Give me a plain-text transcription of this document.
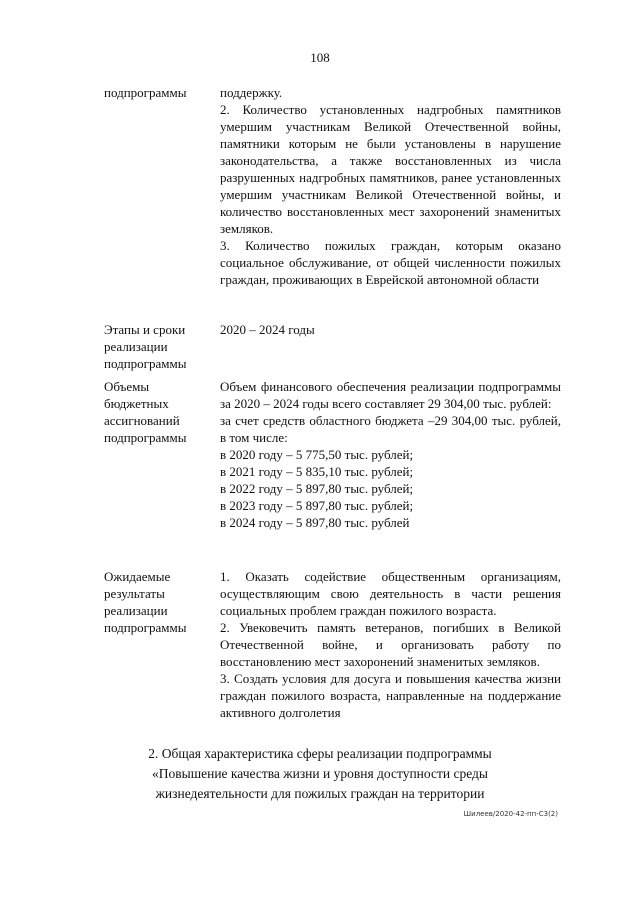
108
подпрограммы	поддержку.

2. Количество установленных надгробных памятников умершим участникам Великой Отечественной войны, памятники которым не были установлены в нарушение законодательства, а также восстановленных из числа разрушенных надгробных памятников, ранее установленных умершим участникам Великой Отечественной войны, и количество восстановленных мест захоронений знаменитых земляков.

3. Количество пожилых граждан, которым оказано социальное обслуживание, от общей численности пожилых граждан, проживающих в Еврейской автономной области

Этапы и сроки
реализации
подпрограммы

2020 – 2024 годы

Объемы
бюджетных
ассигнований
подпрограммы

Объем финансового обеспечения реализации подпрограммы за 2020 – 2024 годы всего составляет 29 304,00 тыс. рублей:

за счет средств областного бюджета –29 304,00 тыс. рублей, в том числе:

в 2020 году – 5 775,50 тыс. рублей;

в 2021 году – 5 835,10 тыс. рублей;

в 2022 году – 5 897,80 тыс. рублей;

в 2023 году – 5 897,80 тыс. рублей;

в 2024 году – 5 897,80 тыс. рублей

Ожидаемые
результаты
реализации
подпрограммы

1. Оказать содействие общественным организациям, осуществляющим свою деятельность в части решения социальных проблем граждан пожилого возраста.

2. Увековечить память ветеранов, погибших в Великой Отечественной войне, и организовать работу по восстановлению мест захоронений знаменитых земляков.

3. Создать условия для досуга и повышения качества жизни граждан пожилого возраста, направленные на поддержание активного долголетия

2. Общая характеристика сферы реализации подпрограммы
«Повышение качества жизни и уровня доступности среды
жизнедеятельности для пожилых граждан на территории
Шилеев/2020-42-пп-С3(2)
